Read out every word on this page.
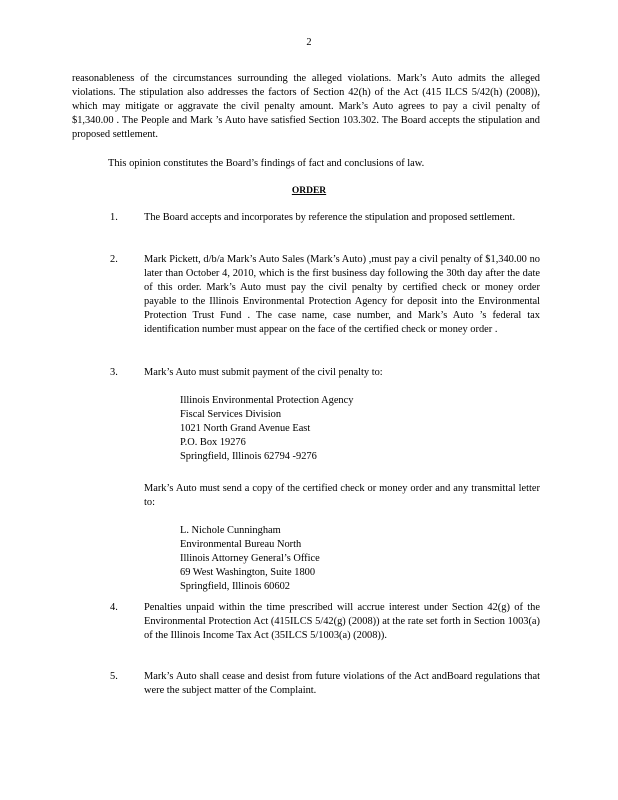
2

reasonableness of the circumstances surrounding the alleged violations. Mark’s Auto admits the alleged violations. The stipulation also addresses the factors of Section 42(h) of the Act (415 ILCS 5/42(h) (2008)), which may mitigate or aggravate the civil penalty amount. Mark’s Auto agrees to pay a civil penalty of $1,340.00 . The People and Mark ’s Auto have satisfied Section 103.302. The Board accepts the stipulation and proposed settlement.

This opinion constitutes the Board’s findings of fact and conclusions of law.

ORDER
1.	The Board accepts and incorporates by reference the stipulation and proposed settlement.
2.	Mark Pickett, d/b/a Mark’s Auto Sales (Mark’s Auto) ,must pay a civil penalty of $1,340.00 no later than October 4, 2010, which is the first business day following the 30th day after the date of this order. Mark’s Auto must pay the civil penalty by certified check or money order payable to the Illinois Environmental Protection Agency for deposit into the Environmental Protection Trust Fund . The case name, case number, and Mark’s Auto ’s federal tax identification number must appear on the face of the certified check or money order .
3.	Mark’s Auto must submit payment of the civil penalty to:
Illinois Environmental Protection Agency
Fiscal Services Division
1021 North Grand Avenue East
P.O. Box 19276
Springfield, Illinois 62794 -9276
Mark’s Auto must send a copy of the certified check or money order and any transmittal letter to:
L. Nichole Cunningham
Environmental Bureau North
Illinois Attorney General’s Office
69 West Washington, Suite 1800
Springfield, Illinois 60602
4.	Penalties unpaid within the time prescribed will accrue interest under Section 42(g) of the Environmental Protection Act (415ILCS 5/42(g) (2008)) at the rate set forth in Section 1003(a) of the Illinois Income Tax Act (35ILCS 5/1003(a) (2008)).
5.	Mark’s Auto shall cease and desist from future violations of the Act andBoard regulations that were the subject matter of the Complaint.
